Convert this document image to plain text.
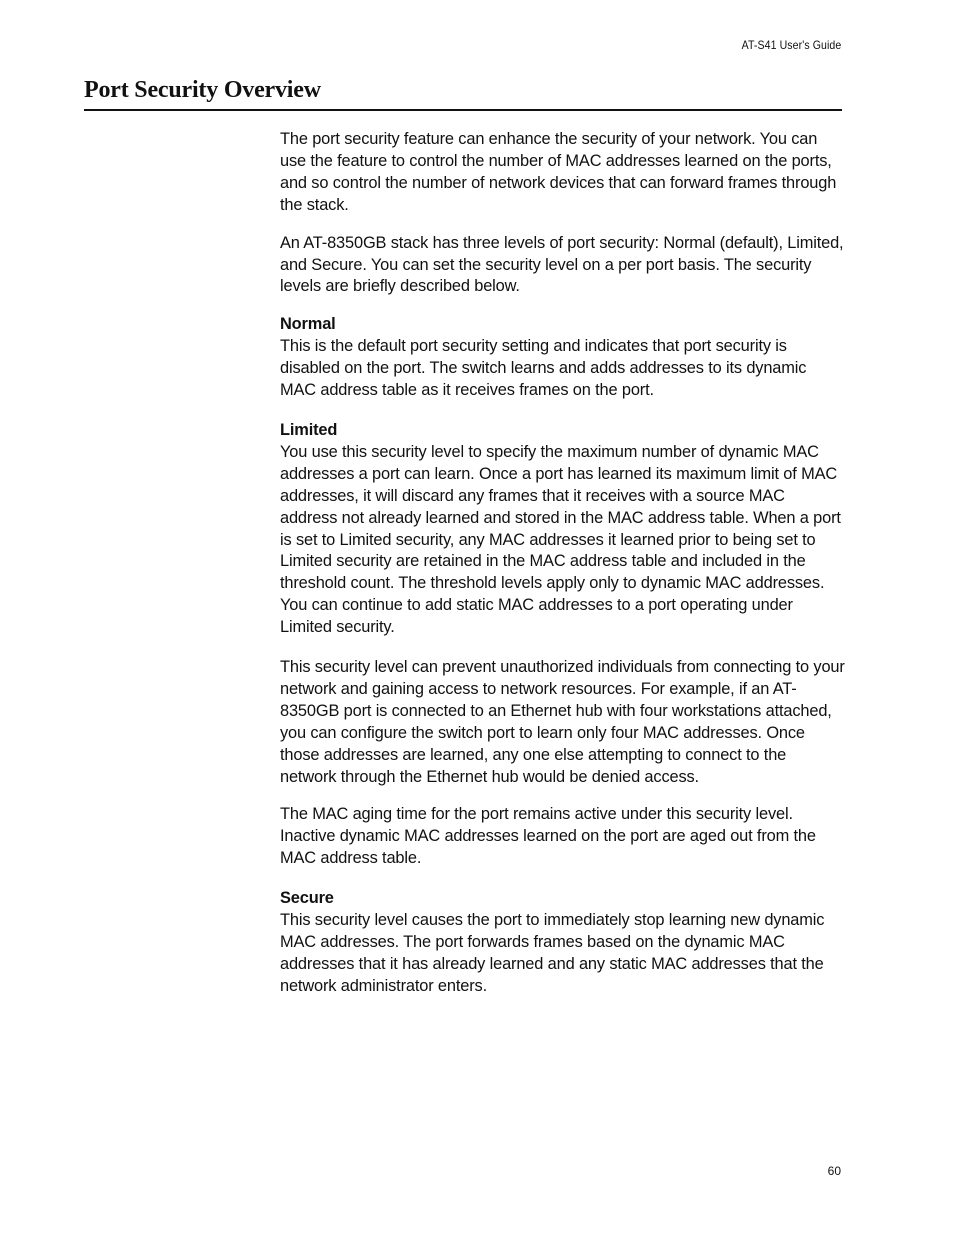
AT-S41 User's Guide
Port Security Overview

The port security feature can enhance the security of your network. You can use the feature to control the number of MAC addresses learned on the ports, and so control the number of network devices that can forward frames through the stack.

An AT-8350GB stack has three levels of port security: Normal (default), Limited, and Secure. You can set the security level on a per port basis. The security levels are briefly described below.

Normal

This is the default port security setting and indicates that port security is disabled on the port. The switch learns and adds addresses to its dynamic MAC address table as it receives frames on the port.

Limited

You use this security level to specify the maximum number of dynamic MAC addresses a port can learn. Once a port has learned its maximum limit of MAC addresses, it will discard any frames that it receives with a source MAC address not already learned and stored in the MAC address table. When a port is set to Limited security, any MAC addresses it learned prior to being set to Limited security are retained in the MAC address table and included in the threshold count. The threshold levels apply only to dynamic MAC addresses. You can continue to add static MAC addresses to a port operating under Limited security.

This security level can prevent unauthorized individuals from connecting to your network and gaining access to network resources. For example, if an AT-8350GB port is connected to an Ethernet hub with four workstations attached, you can configure the switch port to learn only four MAC addresses. Once those addresses are learned, any one else attempting to connect to the network through the Ethernet hub would be denied access.

The MAC aging time for the port remains active under this security level. Inactive dynamic MAC addresses learned on the port are aged out from the MAC address table.

Secure

This security level causes the port to immediately stop learning new dynamic MAC addresses. The port forwards frames based on the dynamic MAC addresses that it has already learned and any static MAC addresses that the network administrator enters.

60
